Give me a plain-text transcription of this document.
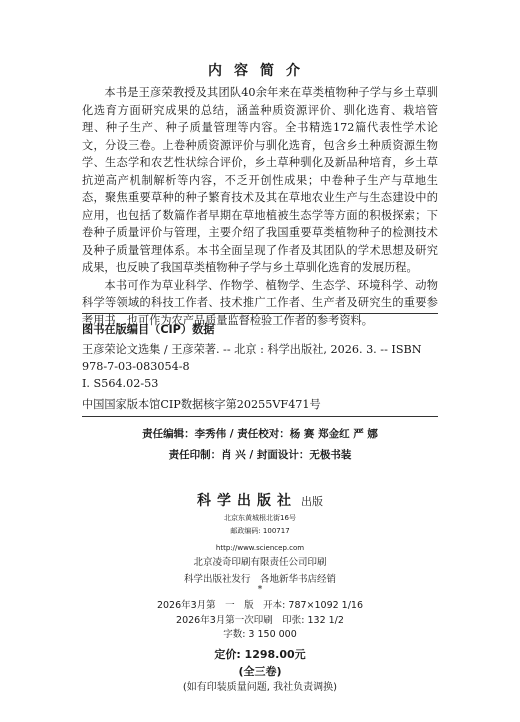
内容简介

本书是王彦荣教授及其团队40余年来在草类植物种子学与乡土草驯化选育方面研究成果的总结，涵盖种质资源评价、驯化选育、栽培管理、种子生产、种子质量管理等内容。全书精选172篇代表性学术论文，分设三卷。上卷种质资源评价与驯化选育，包含乡土种质资源生物学、生态学和农艺性状综合评价，乡土草种驯化及新品种培育，乡土草抗逆高产机制解析等内容，不乏开创性成果；中卷种子生产与草地生态，聚焦重要草种的种子繁育技术及其在草地农业生产与生态建设中的应用，也包括了数篇作者早期在草地植被生态学等方面的积极探索；下卷种子质量评价与管理，主要介绍了我国重要草类植物种子的检测技术及种子质量管理体系。本书全面呈现了作者及其团队的学术思想及研究成果，也反映了我国草类植物种子学与乡土草驯化选育的发展历程。

本书可作为草业科学、作物学、植物学、生态学、环境科学、动物科学等领域的科技工作者、技术推广工作者、生产者及研究生的重要参考用书，也可作为农产品质量监督检验工作者的参考资料。

图书在版编目（CIP）数据
王彦荣论文选集 / 王彦荣著. -- 北京 : 科学出版社, 2026. 3. -- ISBN
978-7-03-083054-8
Ⅰ. S564.02-53
中国国家版本馆CIP数据核字第20255VF471号
责任编辑：李秀伟 / 责任校对：杨 赛 郑金红 严 娜
责任印制：肖 兴 / 封面设计：无极书装
科学出版社 出版
北京东黄城根北街16号
邮政编码: 100717
http://www.sciencep.com
北京凌奇印刷有限责任公司印刷
科学出版社发行　各地新华书店经销
*
2026年3月第　一　版　开本: 787×1092 1/16
2026年3月第一次印刷　印张: 132 1/2
字数: 3 150 000
定价: 1298.00元
(全三卷)
(如有印装质量问题, 我社负责调换)
